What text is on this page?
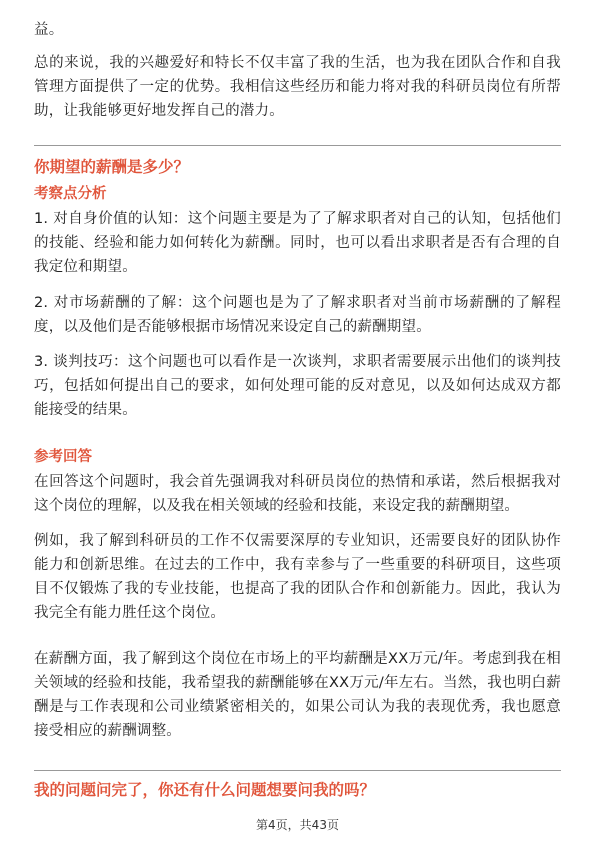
益。

总的来说，我的兴趣爱好和特长不仅丰富了我的生活，也为我在团队合作和自我管理方面提供了一定的优势。我相信这些经历和能力将对我的科研员岗位有所帮助，让我能够更好地发挥自己的潜力。

你期望的薪酬是多少？
考察点分析

1. 对自身价值的认知：这个问题主要是为了了解求职者对自己的认知，包括他们的技能、经验和能力如何转化为薪酬。同时，也可以看出求职者是否有合理的自我定位和期望。

2. 对市场薪酬的了解：这个问题也是为了了解求职者对当前市场薪酬的了解程度，以及他们是否能够根据市场情况来设定自己的薪酬期望。

3. 谈判技巧：这个问题也可以看作是一次谈判，求职者需要展示出他们的谈判技巧，包括如何提出自己的要求，如何处理可能的反对意见，以及如何达成双方都能接受的结果。

参考回答

在回答这个问题时，我会首先强调我对科研员岗位的热情和承诺，然后根据我对这个岗位的理解，以及我在相关领域的经验和技能，来设定我的薪酬期望。

例如，我了解到科研员的工作不仅需要深厚的专业知识，还需要良好的团队协作能力和创新思维。在过去的工作中，我有幸参与了一些重要的科研项目，这些项目不仅锻炼了我的专业技能，也提高了我的团队合作和创新能力。因此，我认为我完全有能力胜任这个岗位。

在薪酬方面，我了解到这个岗位在市场上的平均薪酬是XX万元/年。考虑到我在相关领域的经验和技能，我希望我的薪酬能够在XX万元/年左右。当然，我也明白薪酬是与工作表现和公司业绩紧密相关的，如果公司认为我的表现优秀，我也愿意接受相应的薪酬调整。

我的问题问完了，你还有什么问题想要问我的吗？
第4页，共43页
